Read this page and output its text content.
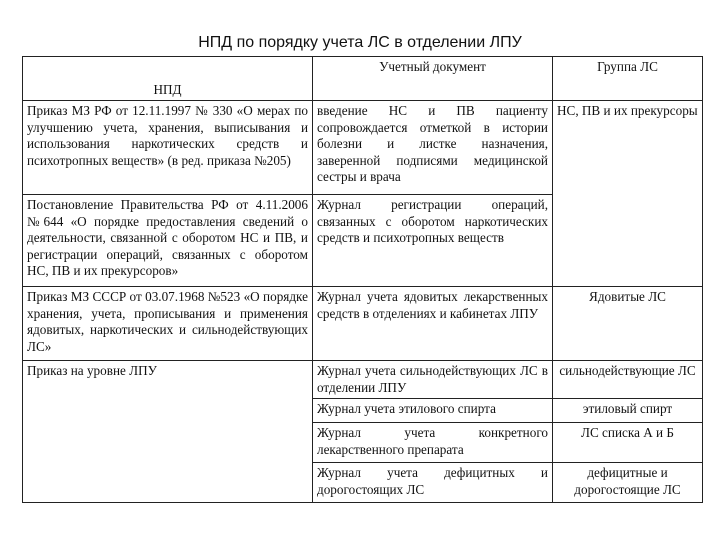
НПД по порядку учета ЛС в отделении ЛПУ
НПД	Учетный документ	Группа ЛС
Приказ МЗ РФ от 12.11.1997 № 330 «О мерах по улучшению учета, хранения, выписывания и использования наркотических средств и психотропных веществ» (в ред. приказа №205)	введение НС и ПВ пациенту сопровождается отметкой в истории болезни и листке назначения, заверенной подписями медицинской сестры и врача	НС, ПВ и их прекурсоры
Постановление Правительства РФ от 4.11.2006 №644 «О порядке предоставления сведений о деятельности, связанной с оборотом НС и ПВ, и регистрации операций, связанных с оборотом НС, ПВ и их прекурсоров»	Журнал регистрации операций, связанных с оборотом наркотических средств и психотропных веществ	
Приказ МЗ СССР от 03.07.1968 №523 «О порядке хранения, учета, прописывания и применения ядовитых, наркотических и сильнодействующих ЛС»	Журнал учета ядовитых лекарственных средств в отделениях и кабинетах ЛПУ	Ядовитые ЛС
Приказ на уровне ЛПУ	Журнал учета сильнодействующих ЛС в отделении ЛПУ	сильнодействующие ЛС
	Журнал учета этилового спирта	этиловый спирт
	Журнал учета конкретного лекарственного препарата	ЛС списка А и Б
	Журнал учета дефицитных и дорогостоящих ЛС	дефицитные и дорогостоящие ЛС
